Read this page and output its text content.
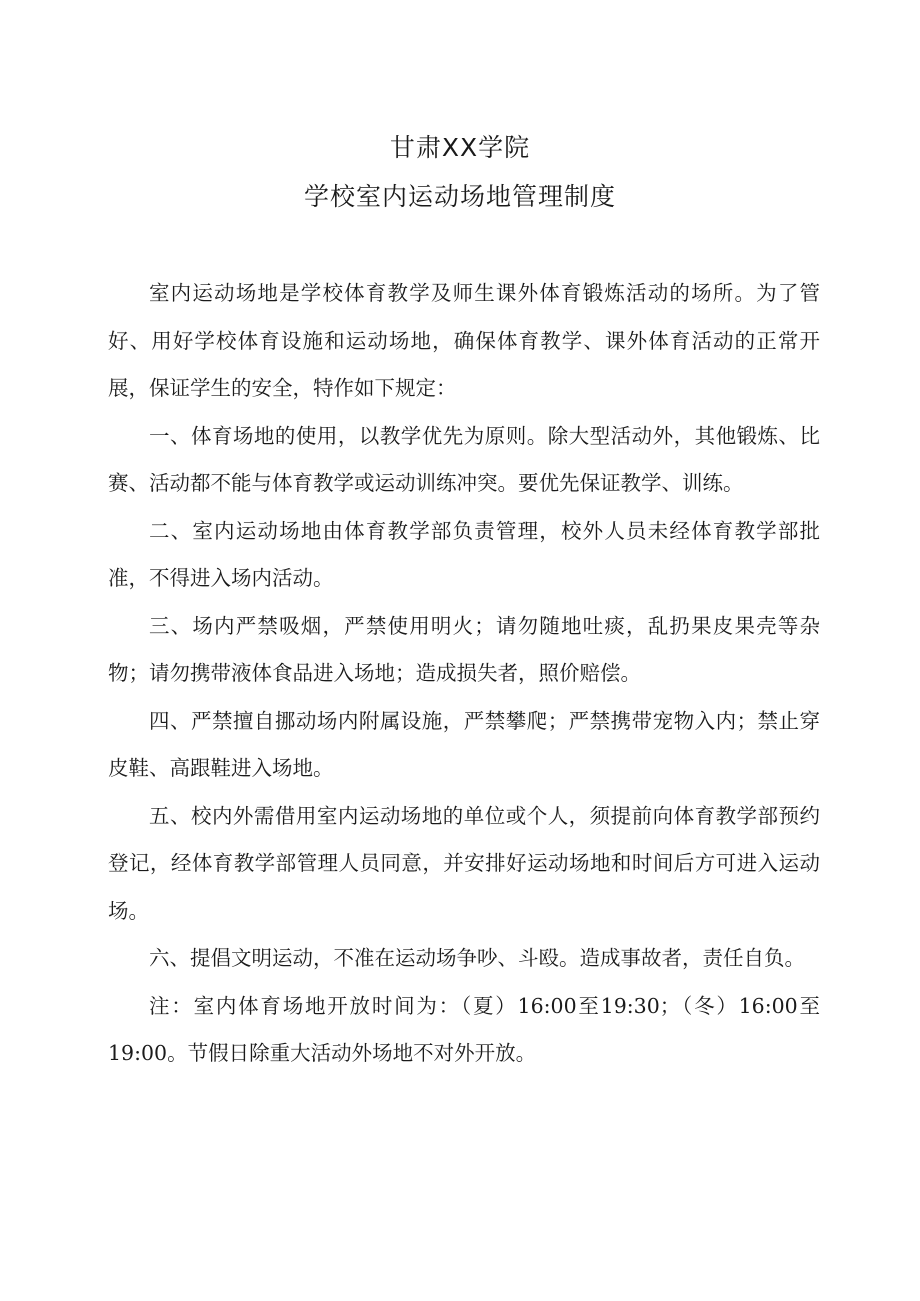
甘肃XX学院
学校室内运动场地管理制度

室内运动场地是学校体育教学及师生课外体育锻炼活动的场所。为了管好、用好学校体育设施和运动场地，确保体育教学、课外体育活动的正常开展，保证学生的安全，特作如下规定：

一、体育场地的使用，以教学优先为原则。除大型活动外，其他锻炼、比赛、活动都不能与体育教学或运动训练冲突。要优先保证教学、训练。

二、室内运动场地由体育教学部负责管理，校外人员未经体育教学部批准，不得进入场内活动。

三、场内严禁吸烟，严禁使用明火；请勿随地吐痰，乱扔果皮果壳等杂物；请勿携带液体食品进入场地；造成损失者，照价赔偿。

四、严禁擅自挪动场内附属设施，严禁攀爬；严禁携带宠物入内；禁止穿皮鞋、高跟鞋进入场地。

五、校内外需借用室内运动场地的单位或个人，须提前向体育教学部预约登记，经体育教学部管理人员同意，并安排好运动场地和时间后方可进入运动场。

六、提倡文明运动，不准在运动场争吵、斗殴。造成事故者，责任自负。

注：室内体育场地开放时间为：（夏）16:00至19:30；（冬）16:00至19:00。节假日除重大活动外场地不对外开放。
